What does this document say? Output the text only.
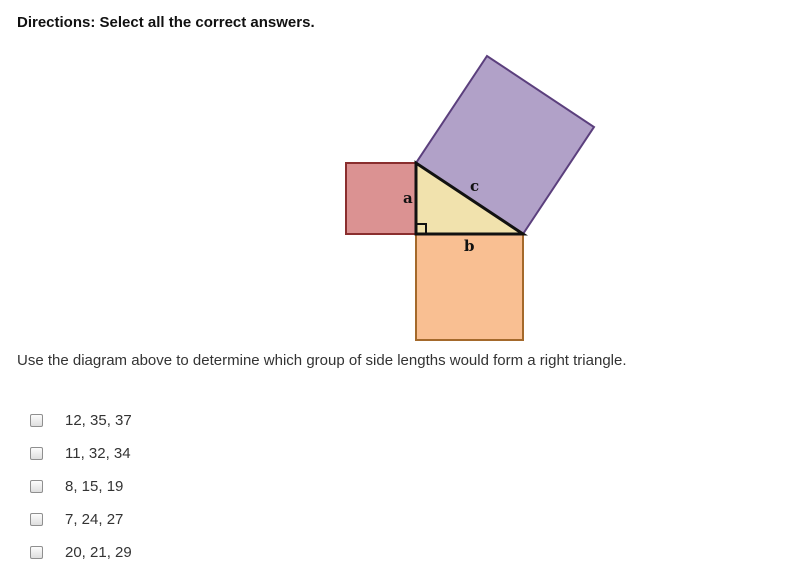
Directions: Select all the correct answers.

a
b
c

Use the diagram above to determine which group of side lengths would form a right triangle.

12, 35, 37
11, 32, 34
8, 15, 19
7, 24, 27
20, 21, 29
